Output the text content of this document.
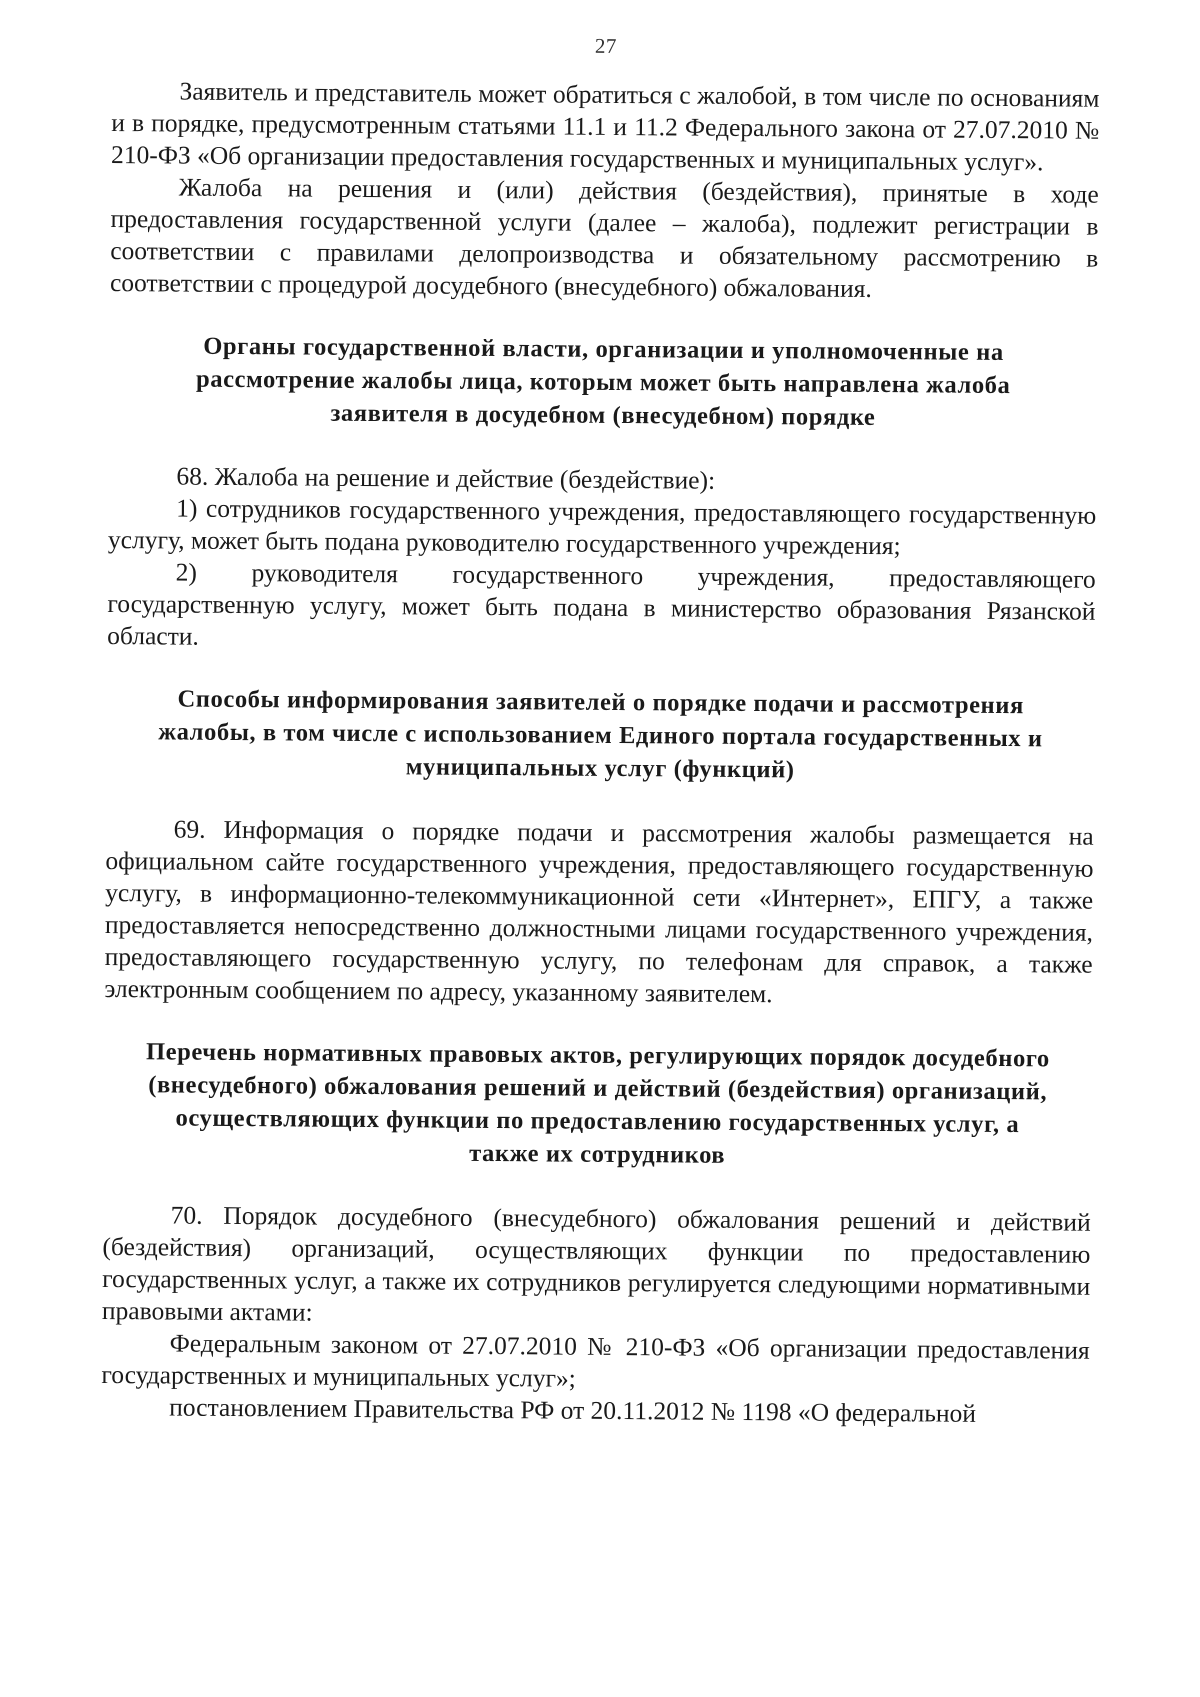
27

Заявитель и представитель может обратиться с жалобой, в том числе по основаниям и в порядке, предусмотренным статьями 11.1 и 11.2 Федерального закона от 27.07.2010 № 210-ФЗ «Об организации предоставления государственных и муниципальных услуг».

Жалоба на решения и (или) действия (бездействия), принятые в ходе предоставления государственной услуги (далее – жалоба), подлежит регистрации в соответствии с правилами делопроизводства и обязательному рассмотрению в соответствии с процедурой досудебного (внесудебного) обжалования.

Органы государственной власти, организации и уполномоченные на рассмотрение жалобы лица, которым может быть направлена жалоба заявителя в досудебном (внесудебном) порядке

68. Жалоба на решение и действие (бездействие):

1) сотрудников государственного учреждения, предоставляющего государственную услугу, может быть подана руководителю государственного учреждения;

2) руководителя государственного учреждения, предоставляющего государственную услугу, может быть подана в министерство образования Рязанской области.

Способы информирования заявителей о порядке подачи и рассмотрения жалобы, в том числе с использованием Единого портала государственных и муниципальных услуг (функций)

69. Информация о порядке подачи и рассмотрения жалобы размещается на официальном сайте государственного учреждения, предоставляющего государственную услугу, в информационно-телекоммуникационной сети «Интернет», ЕПГУ, а также предоставляется непосредственно должностными лицами государственного учреждения, предоставляющего государственную услугу, по телефонам для справок, а также электронным сообщением по адресу, указанному заявителем.

Перечень нормативных правовых актов, регулирующих порядок досудебного (внесудебного) обжалования решений и действий (бездействия) организаций, осуществляющих функции по предоставлению государственных услуг, а также их сотрудников

70. Порядок досудебного (внесудебного) обжалования решений и действий (бездействия) организаций, осуществляющих функции по предоставлению государственных услуг, а также их сотрудников регулируется следующими нормативными правовыми актами:

Федеральным законом от 27.07.2010 № 210-ФЗ «Об организации предоставления государственных и муниципальных услуг»;

постановлением Правительства РФ от 20.11.2012 № 1198 «О федеральной
